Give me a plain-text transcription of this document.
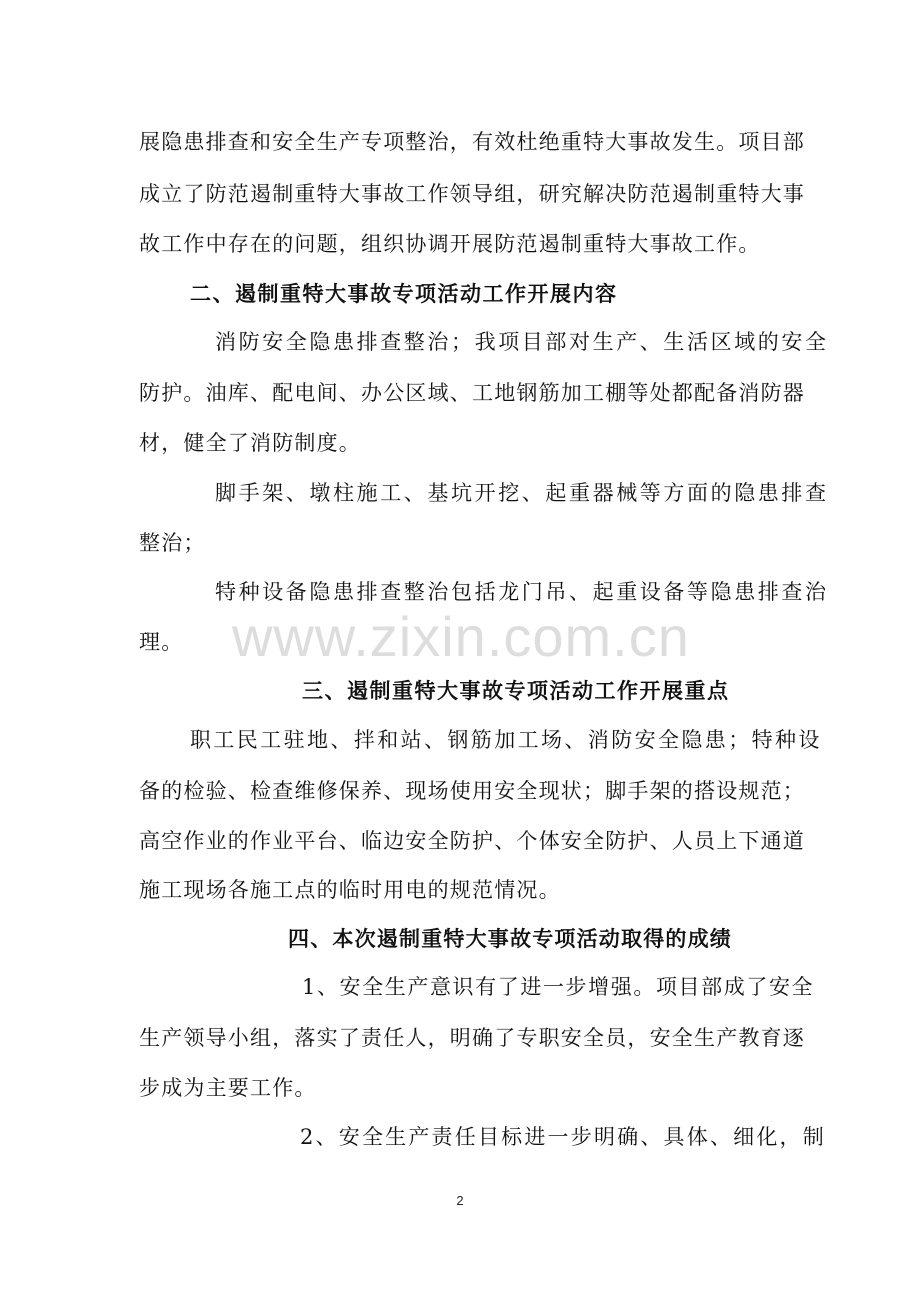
展隐患排查和安全生产专项整治，有效杜绝重特大事故发生。项目部

成立了防范遏制重特大事故工作领导组，研究解决防范遏制重特大事

故工作中存在的问题，组织协调开展防范遏制重特大事故工作。

二、遏制重特大事故专项活动工作开展内容

消防安全隐患排查整治；我项目部对生产、生活区域的安全

防护。油库、配电间、办公区域、工地钢筋加工棚等处都配备消防器

材，健全了消防制度。

脚手架、墩柱施工、基坑开挖、起重器械等方面的隐患排查

整治；

特种设备隐患排查整治包括龙门吊、起重设备等隐患排查治

理。

三、遏制重特大事故专项活动工作开展重点

职工民工驻地、拌和站、钢筋加工场、消防安全隐患；特种设

备的检验、检查维修保养、现场使用安全现状；脚手架的搭设规范；

高空作业的作业平台、临边安全防护、个体安全防护、人员上下通道

施工现场各施工点的临时用电的规范情况。

四、本次遏制重特大事故专项活动取得的成绩

1、安全生产意识有了进一步增强。项目部成了安全

生产领导小组，落实了责任人，明确了专职安全员，安全生产教育逐

步成为主要工作。

2、安全生产责任目标进一步明确、具体、细化，制

www.zixin.com.cn
2
